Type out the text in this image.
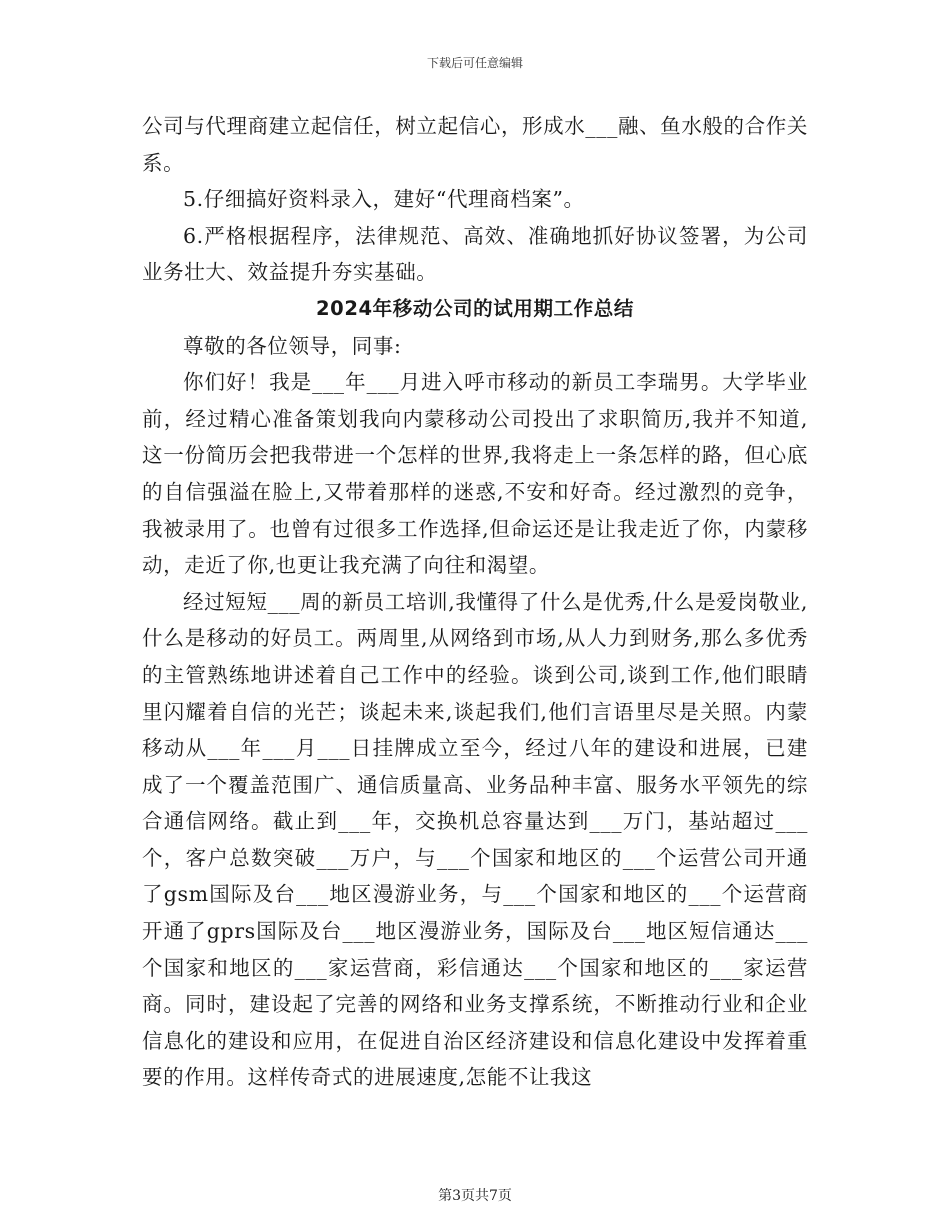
下载后可任意编辑

公司与代理商建立起信任，树立起信心，形成水___融、鱼水般的合作关系。

5.仔细搞好资料录入，建好“代理商档案”。

6.严格根据程序，法律规范、高效、准确地抓好协议签署，为公司业务壮大、效益提升夯实基础。

2024年移动公司的试用期工作总结

尊敬的各位领导，同事:

你们好！我是___年___月进入呼市移动的新员工李瑞男。大学毕业前，经过精心准备策划我向内蒙移动公司投出了求职简历,我并不知道,这一份简历会把我带进一个怎样的世界,我将走上一条怎样的路，但心底的自信强溢在脸上,又带着那样的迷惑,不安和好奇。经过激烈的竞争，我被录用了。也曾有过很多工作选择,但命运还是让我走近了你，内蒙移动，走近了你,也更让我充满了向往和渴望。

经过短短___周的新员工培训,我懂得了什么是优秀,什么是爱岗敬业,什么是移动的好员工。两周里,从网络到市场,从人力到财务,那么多优秀的主管熟练地讲述着自己工作中的经验。谈到公司,谈到工作,他们眼睛里闪耀着自信的光芒；谈起未来,谈起我们,他们言语里尽是关照。内蒙移动从___年___月___日挂牌成立至今，经过八年的建设和进展，已建成了一个覆盖范围广、通信质量高、业务品种丰富、服务水平领先的综合通信网络。截止到___年，交换机总容量达到___万门，基站超过___个，客户总数突破___万户，与___个国家和地区的___个运营公司开通了gsm国际及台___地区漫游业务，与___个国家和地区的___个运营商开通了gprs国际及台___地区漫游业务，国际及台___地区短信通达___个国家和地区的___家运营商，彩信通达___个国家和地区的___家运营商。同时，建设起了完善的网络和业务支撑系统，不断推动行业和企业信息化的建设和应用，在促进自治区经济建设和信息化建设中发挥着重要的作用。这样传奇式的进展速度,怎能不让我这

第3页共7页
